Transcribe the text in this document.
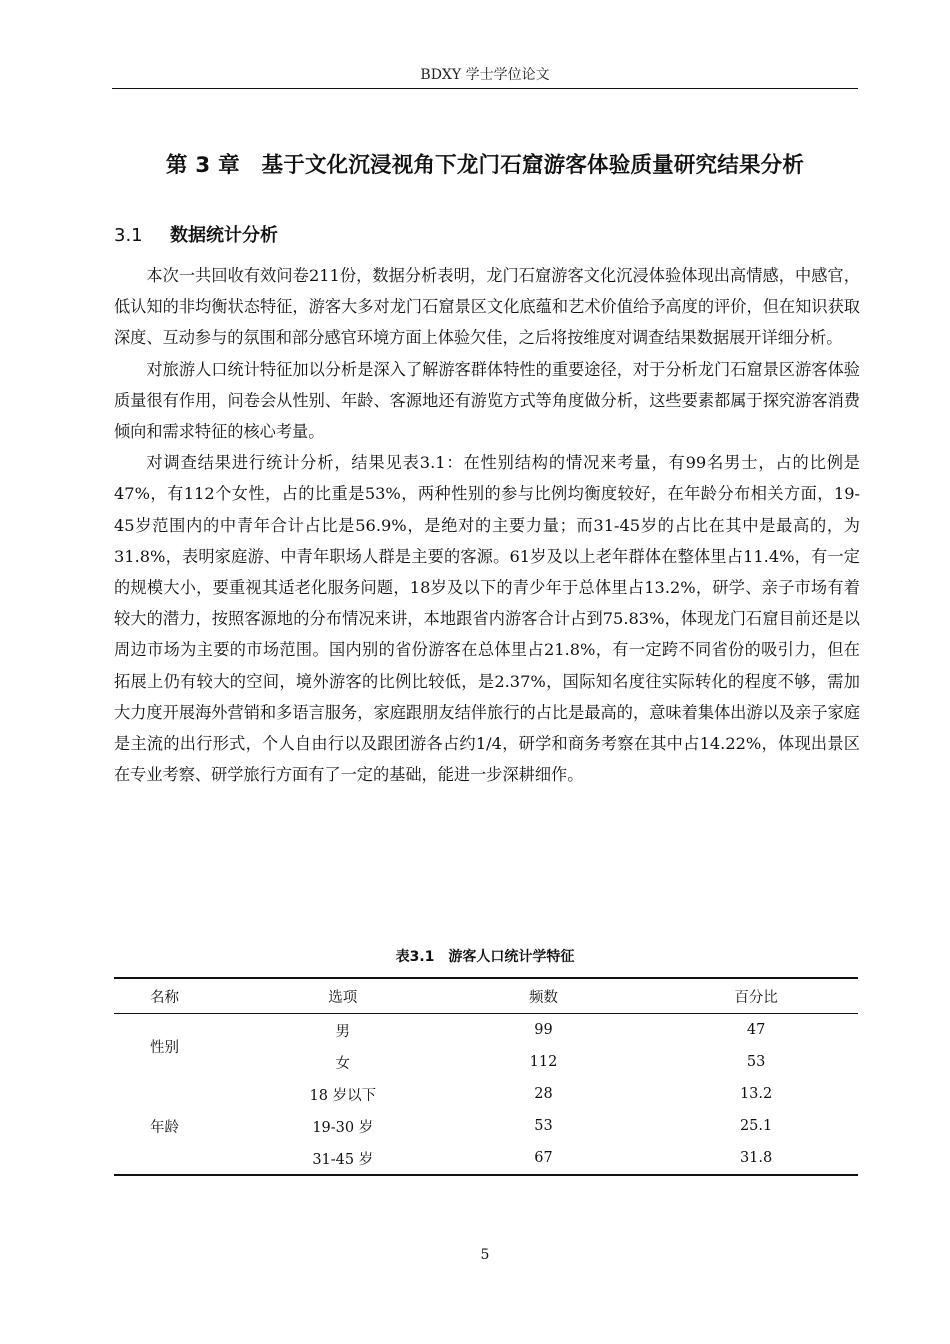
BDXY 学士学位论文
第 3 章　基于文化沉浸视角下龙门石窟游客体验质量研究结果分析
3.1 数据统计分析

本次一共回收有效问卷211份，数据分析表明，龙门石窟游客文化沉浸体验体现出高情感，中感官，低认知的非均衡状态特征，游客大多对龙门石窟景区文化底蕴和艺术价值给予高度的评价，但在知识获取深度、互动参与的氛围和部分感官环境方面上体验欠佳，之后将按维度对调查结果数据展开详细分析。

对旅游人口统计特征加以分析是深入了解游客群体特性的重要途径，对于分析龙门石窟景区游客体验质量很有作用，问卷会从性别、年龄、客源地还有游览方式等角度做分析，这些要素都属于探究游客消费倾向和需求特征的核心考量。

对调查结果进行统计分析，结果见表3.1：在性别结构的情况来考量，有99名男士，占的比例是47%，有112个女性，占的比重是53%，两种性别的参与比例均衡度较好，在年龄分布相关方面，19-45岁范围内的中青年合计占比是56.9%，是绝对的主要力量；而31-45岁的占比在其中是最高的，为31.8%，表明家庭游、中青年职场人群是主要的客源。61岁及以上老年群体在整体里占11.4%，有一定的规模大小，要重视其适老化服务问题，18岁及以下的青少年于总体里占13.2%，研学、亲子市场有着较大的潜力，按照客源地的分布情况来讲，本地跟省内游客合计占到75.83%，体现龙门石窟目前还是以周边市场为主要的市场范围。国内别的省份游客在总体里占21.8%，有一定跨不同省份的吸引力，但在拓展上仍有较大的空间，境外游客的比例比较低，是2.37%，国际知名度往实际转化的程度不够，需加大力度开展海外营销和多语言服务，家庭跟朋友结伴旅行的占比是最高的，意味着集体出游以及亲子家庭是主流的出行形式，个人自由行以及跟团游各占约1/4，研学和商务考察在其中占14.22%，体现出景区在专业考察、研学旅行方面有了一定的基础，能进一步深耕细作。

表3.1 游客人口统计学特征
名称	选项	频数	百分比
性别	男	99	47
	女	112	53
年龄	18 岁以下	28	13.2
	19-30 岁	53	25.1
	31-45 岁	67	31.8
5
